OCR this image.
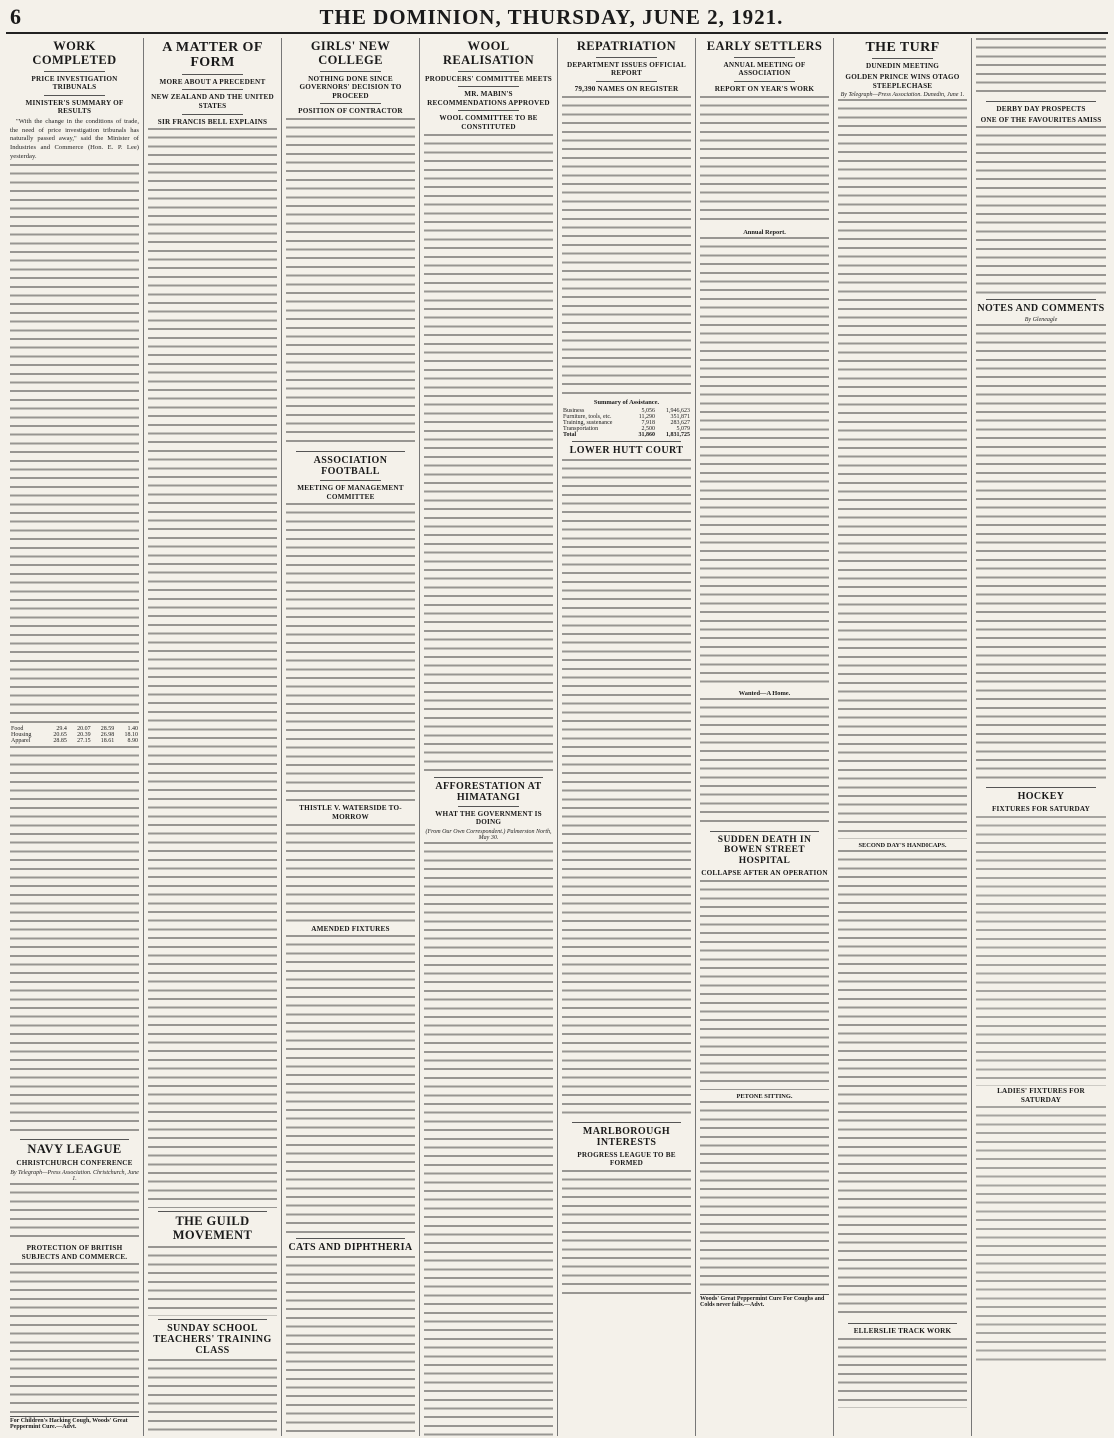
6	THE DOMINION, THURSDAY, JUNE 2, 1921.
WORK COMPLETED
PRICE INVESTIGATION TRIBUNALS
MINISTER'S SUMMARY OF RESULTS

"With the change in the conditions of trade, the need of price investigation tribunals has naturally passed away," said the Minister of Industries and Commerce (Hon. E. P. Lee) yesterday.

Food	29.4	20.07	28.59	1.40
Housing	20.65	20.39	26.98	18.10
Apparel	28.85	27.15	18.61	8.90
NAVY LEAGUE
CHRISTCHURCH CONFERENCE
By Telegraph—Press Association. Christchurch, June 1.
PROTECTION OF BRITISH SUBJECTS AND COMMERCE.
For Children's Hacking Cough, Woods' Great Peppermint Cure.—Advt.
A MATTER OF FORM
MORE ABOUT A PRECEDENT
NEW ZEALAND AND THE UNITED STATES
SIR FRANCIS BELL EXPLAINS
THE GUILD MOVEMENT
SUNDAY SCHOOL TEACHERS' TRAINING CLASS
GIRLS' NEW COLLEGE
NOTHING DONE SINCE GOVERNORS' DECISION TO PROCEED
POSITION OF CONTRACTOR
ASSOCIATION FOOTBALL
MEETING OF MANAGEMENT COMMITTEE
THISTLE V. WATERSIDE TO-MORROW
AMENDED FIXTURES
CATS AND DIPHTHERIA
WOOL REALISATION
PRODUCERS' COMMITTEE MEETS
MR. MABIN'S RECOMMENDATIONS APPROVED
WOOL COMMITTEE TO BE CONSTITUTED
AFFORESTATION AT HIMATANGI
WHAT THE GOVERNMENT IS DOING
(From Our Own Correspondent.) Palmerston North, May 30.
REPATRIATION
DEPARTMENT ISSUES OFFICIAL REPORT
79,390 NAMES ON REGISTER
Summary of Assistance.
Business	5,056	1,946,623
Furniture, tools, etc.	11,290	351,871
Training, sustenance	7,918	283,627
Transportation	2,500	5,079
Total	31,860	1,831,725
LOWER HUTT COURT
MARLBOROUGH INTERESTS
PROGRESS LEAGUE TO BE FORMED
EARLY SETTLERS
ANNUAL MEETING OF ASSOCIATION
REPORT ON YEAR'S WORK
Annual Report.
Wanted—A Home.
SUDDEN DEATH IN BOWEN STREET HOSPITAL
COLLAPSE AFTER AN OPERATION
PETONE SITTING.
Woods' Great Peppermint Cure For Coughs and Colds never fails.—Advt.
THE TURF
DUNEDIN MEETING
GOLDEN PRINCE WINS OTAGO STEEPLECHASE
By Telegraph—Press Association. Dunedin, June 1.
SECOND DAY'S HANDICAPS.
ELLERSLIE TRACK WORK
DERBY DAY PROSPECTS
ONE OF THE FAVOURITES AMISS
NOTES AND COMMENTS
By Gleneagle
HOCKEY
FIXTURES FOR SATURDAY
LADIES' FIXTURES FOR SATURDAY
